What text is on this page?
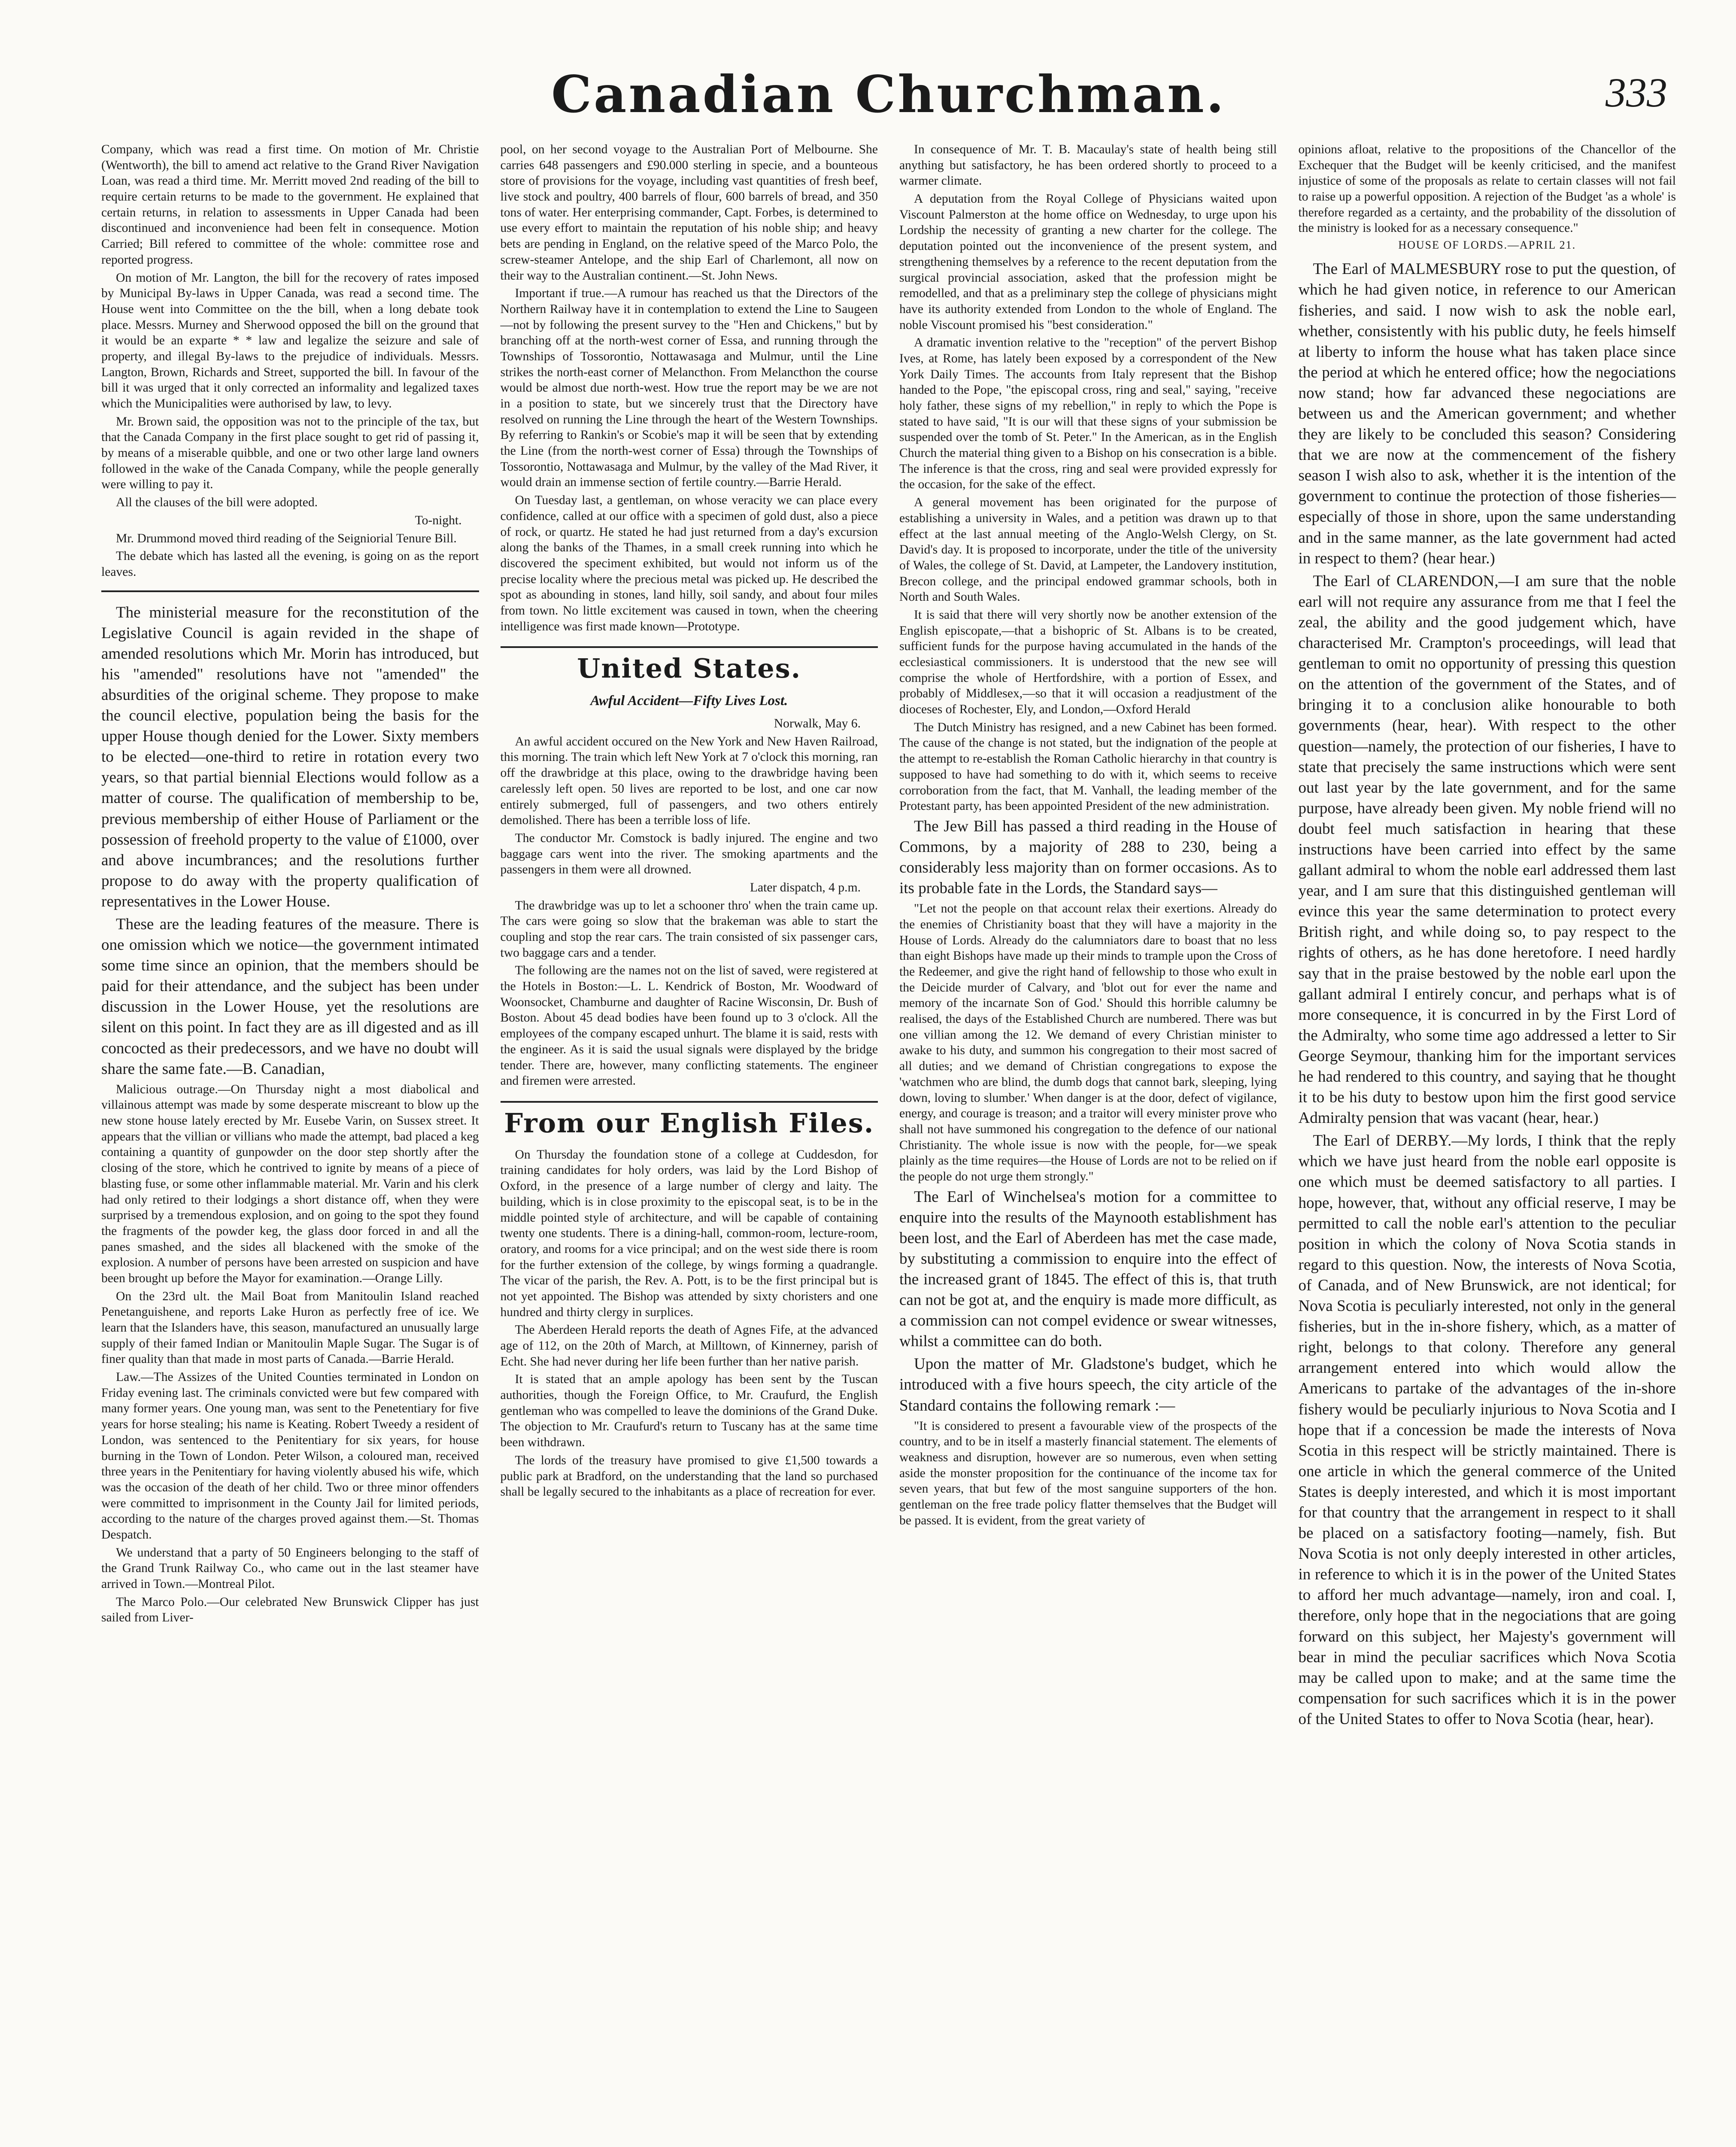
Canadian Churchman.	333

Company, which was read a first time. On motion of Mr. Christie (Wentworth), the bill to amend act relative to the Grand River Navigation Loan, was read a third time. Mr. Merritt moved 2nd reading of the bill to require certain returns to be made to the government. He explained that certain returns, in relation to assessments in Upper Canada had been discontinued and inconvenience had been felt in consequence. Motion Carried; Bill refered to committee of the whole: committee rose and reported progress.

On motion of Mr. Langton, the bill for the recovery of rates imposed by Municipal By-laws in Upper Canada, was read a second time. The House went into Committee on the the bill, when a long debate took place. Messrs. Murney and Sherwood opposed the bill on the ground that it would be an exparte * * law and legalize the seizure and sale of property, and illegal By-laws to the prejudice of individuals. Messrs. Langton, Brown, Richards and Street, supported the bill. In favour of the bill it was urged that it only corrected an informality and legalized taxes which the Municipalities were authorised by law, to levy.

Mr. Brown said, the opposition was not to the principle of the tax, but that the Canada Company in the first place sought to get rid of passing it, by means of a miserable quibble, and one or two other large land owners followed in the wake of the Canada Company, while the people generally were willing to pay it.

All the clauses of the bill were adopted.

To-night.

Mr. Drummond moved third reading of the Seigniorial Tenure Bill.

The debate which has lasted all the evening, is going on as the report leaves.

The ministerial measure for the reconstitution of the Legislative Council is again revided in the shape of amended resolutions which Mr. Morin has introduced, but his "amended" resolutions have not "amended" the absurdities of the original scheme. They propose to make the council elective, population being the basis for the upper House though denied for the Lower. Sixty members to be elected—one-third to retire in rotation every two years, so that partial biennial Elections would follow as a matter of course. The qualification of membership to be, previous membership of either House of Parliament or the possession of freehold property to the value of £1000, over and above incumbrances; and the resolutions further propose to do away with the property qualification of representatives in the Lower House.

These are the leading features of the measure. There is one omission which we notice—the government intimated some time since an opinion, that the members should be paid for their attendance, and the subject has been under discussion in the Lower House, yet the resolutions are silent on this point. In fact they are as ill digested and as ill concocted as their predecessors, and we have no doubt will share the same fate.—B. Canadian,

Malicious outrage.—On Thursday night a most diabolical and villainous attempt was made by some desperate miscreant to blow up the new stone house lately erected by Mr. Eusebe Varin, on Sussex street. It appears that the villian or villians who made the attempt, bad placed a keg containing a quantity of gunpowder on the door step shortly after the closing of the store, which he contrived to ignite by means of a piece of blasting fuse, or some other inflammable material. Mr. Varin and his clerk had only retired to their lodgings a short distance off, when they were surprised by a tremendous explosion, and on going to the spot they found the fragments of the powder keg, the glass door forced in and all the panes smashed, and the sides all blackened with the smoke of the explosion. A number of persons have been arrested on suspicion and have been brought up before the Mayor for examination.—Orange Lilly.

On the 23rd ult. the Mail Boat from Manitoulin Island reached Penetanguishene, and reports Lake Huron as perfectly free of ice. We learn that the Islanders have, this season, manufactured an unusually large supply of their famed Indian or Manitoulin Maple Sugar. The Sugar is of finer quality than that made in most parts of Canada.—Barrie Herald.

Law.—The Assizes of the United Counties terminated in London on Friday evening last. The criminals convicted were but few compared with many former years. One young man, was sent to the Penetentiary for five years for horse stealing; his name is Keating. Robert Tweedy a resident of London, was sentenced to the Penitentiary for six years, for house burning in the Town of London. Peter Wilson, a coloured man, received three years in the Penitentiary for having violently abused his wife, which was the occasion of the death of her child. Two or three minor offenders were committed to imprisonment in the County Jail for limited periods, according to the nature of the charges proved against them.—St. Thomas Despatch.

We understand that a party of 50 Engineers belonging to the staff of the Grand Trunk Railway Co., who came out in the last steamer have arrived in Town.—Montreal Pilot.

The Marco Polo.—Our celebrated New Brunswick Clipper has just sailed from Liver-

pool, on her second voyage to the Australian Port of Melbourne. She carries 648 passengers and £90.000 sterling in specie, and a bounteous store of provisions for the voyage, including vast quantities of fresh beef, live stock and poultry, 400 barrels of flour, 600 barrels of bread, and 350 tons of water. Her enterprising commander, Capt. Forbes, is determined to use every effort to maintain the reputation of his noble ship; and heavy bets are pending in England, on the relative speed of the Marco Polo, the screw-steamer Antelope, and the ship Earl of Charlemont, all now on their way to the Australian continent.—St. John News.

Important if true.—A rumour has reached us that the Directors of the Northern Railway have it in contemplation to extend the Line to Saugeen—not by following the present survey to the "Hen and Chickens," but by branching off at the north-west corner of Essa, and running through the Townships of Tossorontio, Nottawasaga and Mulmur, until the Line strikes the north-east corner of Melancthon. From Melancthon the course would be almost due north-west. How true the report may be we are not in a position to state, but we sincerely trust that the Directory have resolved on running the Line through the heart of the Western Townships. By referring to Rankin's or Scobie's map it will be seen that by extending the Line (from the north-west corner of Essa) through the Townships of Tossorontio, Nottawasaga and Mulmur, by the valley of the Mad River, it would drain an immense section of fertile country.—Barrie Herald.

On Tuesday last, a gentleman, on whose veracity we can place every confidence, called at our office with a specimen of gold dust, also a piece of rock, or quartz. He stated he had just returned from a day's excursion along the banks of the Thames, in a small creek running into which he discovered the speciment exhibited, but would not inform us of the precise locality where the precious metal was picked up. He described the spot as abounding in stones, land hilly, soil sandy, and about four miles from town. No little excitement was caused in town, when the cheering intelligence was first made known—Prototype.

United States.
Awful Accident—Fifty Lives Lost.

Norwalk, May 6.

An awful accident occured on the New York and New Haven Railroad, this morning. The train which left New York at 7 o'clock this morning, ran off the drawbridge at this place, owing to the drawbridge having been carelessly left open. 50 lives are reported to be lost, and one car now entirely submerged, full of passengers, and two others entirely demolished. There has been a terrible loss of life.

The conductor Mr. Comstock is badly injured. The engine and two baggage cars went into the river. The smoking apartments and the passengers in them were all drowned.

Later dispatch, 4 p.m.

The drawbridge was up to let a schooner thro' when the train came up. The cars were going so slow that the brakeman was able to start the coupling and stop the rear cars. The train consisted of six passenger cars, two baggage cars and a tender.

The following are the names not on the list of saved, were registered at the Hotels in Boston:—L. L. Kendrick of Boston, Mr. Woodward of Woonsocket, Chamburne and daughter of Racine Wisconsin, Dr. Bush of Boston. About 45 dead bodies have been found up to 3 o'clock. All the employees of the company escaped unhurt. The blame it is said, rests with the engineer. As it is said the usual signals were displayed by the bridge tender. There are, however, many conflicting statements. The engineer and firemen were arrested.

From our English Files.

On Thursday the foundation stone of a college at Cuddesdon, for training candidates for holy orders, was laid by the Lord Bishop of Oxford, in the presence of a large number of clergy and laity. The building, which is in close proximity to the episcopal seat, is to be in the middle pointed style of architecture, and will be capable of containing twenty one students. There is a dining-hall, common-room, lecture-room, oratory, and rooms for a vice principal; and on the west side there is room for the further extension of the college, by wings forming a quadrangle. The vicar of the parish, the Rev. A. Pott, is to be the first principal but is not yet appointed. The Bishop was attended by sixty choristers and one hundred and thirty clergy in surplices.

The Aberdeen Herald reports the death of Agnes Fife, at the advanced age of 112, on the 20th of March, at Milltown, of Kinnerney, parish of Echt. She had never during her life been further than her native parish.

It is stated that an ample apology has been sent by the Tuscan authorities, though the Foreign Office, to Mr. Craufurd, the English gentleman who was compelled to leave the dominions of the Grand Duke. The objection to Mr. Craufurd's return to Tuscany has at the same time been withdrawn.

The lords of the treasury have promised to give £1,500 towards a public park at Bradford, on the understanding that the land so purchased shall be legally secured to the inhabitants as a place of recreation for ever.

In consequence of Mr. T. B. Macaulay's state of health being still anything but satisfactory, he has been ordered shortly to proceed to a warmer climate.

A deputation from the Royal College of Physicians waited upon Viscount Palmerston at the home office on Wednesday, to urge upon his Lordship the necessity of granting a new charter for the college. The deputation pointed out the inconvenience of the present system, and strengthening themselves by a reference to the recent deputation from the surgical provincial association, asked that the profession might be remodelled, and that as a preliminary step the college of physicians might have its authority extended from London to the whole of England. The noble Viscount promised his "best consideration."

A dramatic invention relative to the "reception" of the pervert Bishop Ives, at Rome, has lately been exposed by a correspondent of the New York Daily Times. The accounts from Italy represent that the Bishop handed to the Pope, "the episcopal cross, ring and seal," saying, "receive holy father, these signs of my rebellion," in reply to which the Pope is stated to have said, "It is our will that these signs of your submission be suspended over the tomb of St. Peter." In the American, as in the English Church the material thing given to a Bishop on his consecration is a bible. The inference is that the cross, ring and seal were provided expressly for the occasion, for the sake of the effect.

A general movement has been originated for the purpose of establishing a university in Wales, and a petition was drawn up to that effect at the last annual meeting of the Anglo-Welsh Clergy, on St. David's day. It is proposed to incorporate, under the title of the university of Wales, the college of St. David, at Lampeter, the Landovery institution, Brecon college, and the principal endowed grammar schools, both in North and South Wales.

It is said that there will very shortly now be another extension of the English episcopate,—that a bishopric of St. Albans is to be created, sufficient funds for the purpose having accumulated in the hands of the ecclesiastical commissioners. It is understood that the new see will comprise the whole of Hertfordshire, with a portion of Essex, and probably of Middlesex,—so that it will occasion a readjustment of the dioceses of Rochester, Ely, and London,—Oxford Herald

The Dutch Ministry has resigned, and a new Cabinet has been formed. The cause of the change is not stated, but the indignation of the people at the attempt to re-establish the Roman Catholic hierarchy in that country is supposed to have had something to do with it, which seems to receive corroboration from the fact, that M. Vanhall, the leading member of the Protestant party, has been appointed President of the new administration.

The Jew Bill has passed a third reading in the House of Commons, by a majority of 288 to 230, being a considerably less majority than on former occasions. As to its probable fate in the Lords, the Standard says—

"Let not the people on that account relax their exertions. Already do the enemies of Christianity boast that they will have a majority in the House of Lords. Already do the calumniators dare to boast that no less than eight Bishops have made up their minds to trample upon the Cross of the Redeemer, and give the right hand of fellowship to those who exult in the Deicide murder of Calvary, and 'blot out for ever the name and memory of the incarnate Son of God.' Should this horrible calumny be realised, the days of the Established Church are numbered. There was but one villian among the 12. We demand of every Christian minister to awake to his duty, and summon his congregation to their most sacred of all duties; and we demand of Christian congregations to expose the 'watchmen who are blind, the dumb dogs that cannot bark, sleeping, lying down, loving to slumber.' When danger is at the door, defect of vigilance, energy, and courage is treason; and a traitor will every minister prove who shall not have summoned his congregation to the defence of our national Christianity. The whole issue is now with the people, for—we speak plainly as the time requires—the House of Lords are not to be relied on if the people do not urge them strongly."

The Earl of Winchelsea's motion for a committee to enquire into the results of the Maynooth establishment has been lost, and the Earl of Aberdeen has met the case made, by substituting a commission to enquire into the effect of the increased grant of 1845. The effect of this is, that truth can not be got at, and the enquiry is made more difficult, as a commission can not compel evidence or swear witnesses, whilst a committee can do both.

Upon the matter of Mr. Gladstone's budget, which he introduced with a five hours speech, the city article of the Standard contains the following remark :—

"It is considered to present a favourable view of the prospects of the country, and to be in itself a masterly financial statement. The elements of weakness and disruption, however are so numerous, even when setting aside the monster proposition for the continuance of the income tax for seven years, that but few of the most sanguine supporters of the hon. gentleman on the free trade policy flatter themselves that the Budget will be passed. It is evident, from the great variety of

opinions afloat, relative to the propositions of the Chancellor of the Exchequer that the Budget will be keenly criticised, and the manifest injustice of some of the proposals as relate to certain classes will not fail to raise up a powerful opposition. A rejection of the Budget 'as a whole' is therefore regarded as a certainty, and the probability of the dissolution of the ministry is looked for as a necessary consequence."

HOUSE OF LORDS.—APRIL 21.

The Earl of MALMESBURY rose to put the question, of which he had given notice, in reference to our American fisheries, and said. I now wish to ask the noble earl, whether, consistently with his public duty, he feels himself at liberty to inform the house what has taken place since the period at which he entered office; how the negociations now stand; how far advanced these negociations are between us and the American government; and whether they are likely to be concluded this season? Considering that we are now at the commencement of the fishery season I wish also to ask, whether it is the intention of the government to continue the protection of those fisheries—especially of those in shore, upon the same understanding and in the same manner, as the late government had acted in respect to them? (hear hear.)

The Earl of CLARENDON,—I am sure that the noble earl will not require any assurance from me that I feel the zeal, the ability and the good judgement which, have characterised Mr. Crampton's proceedings, will lead that gentleman to omit no opportunity of pressing this question on the attention of the government of the States, and of bringing it to a conclusion alike honourable to both governments (hear, hear). With respect to the other question—namely, the protection of our fisheries, I have to state that precisely the same instructions which were sent out last year by the late government, and for the same purpose, have already been given. My noble friend will no doubt feel much satisfaction in hearing that these instructions have been carried into effect by the same gallant admiral to whom the noble earl addressed them last year, and I am sure that this distinguished gentleman will evince this year the same determination to protect every British right, and while doing so, to pay respect to the rights of others, as he has done heretofore. I need hardly say that in the praise bestowed by the noble earl upon the gallant admiral I entirely concur, and perhaps what is of more consequence, it is concurred in by the First Lord of the Admiralty, who some time ago addressed a letter to Sir George Seymour, thanking him for the important services he had rendered to this country, and saying that he thought it to be his duty to bestow upon him the first good service Admiralty pension that was vacant (hear, hear.)

The Earl of DERBY.—My lords, I think that the reply which we have just heard from the noble earl opposite is one which must be deemed satisfactory to all parties. I hope, however, that, without any official reserve, I may be permitted to call the noble earl's attention to the peculiar position in which the colony of Nova Scotia stands in regard to this question. Now, the interests of Nova Scotia, of Canada, and of New Brunswick, are not identical; for Nova Scotia is peculiarly interested, not only in the general fisheries, but in the in-shore fishery, which, as a matter of right, belongs to that colony. Therefore any general arrangement entered into which would allow the Americans to partake of the advantages of the in-shore fishery would be peculiarly injurious to Nova Scotia and I hope that if a concession be made the interests of Nova Scotia in this respect will be strictly maintained. There is one article in which the general commerce of the United States is deeply interested, and which it is most important for that country that the arrangement in respect to it shall be placed on a satisfactory footing—namely, fish. But Nova Scotia is not only deeply interested in other articles, in reference to which it is in the power of the United States to afford her much advantage—namely, iron and coal. I, therefore, only hope that in the negociations that are going forward on this subject, her Majesty's government will bear in mind the peculiar sacrifices which Nova Scotia may be called upon to make; and at the same time the compensation for such sacrifices which it is in the power of the United States to offer to Nova Scotia (hear, hear).
